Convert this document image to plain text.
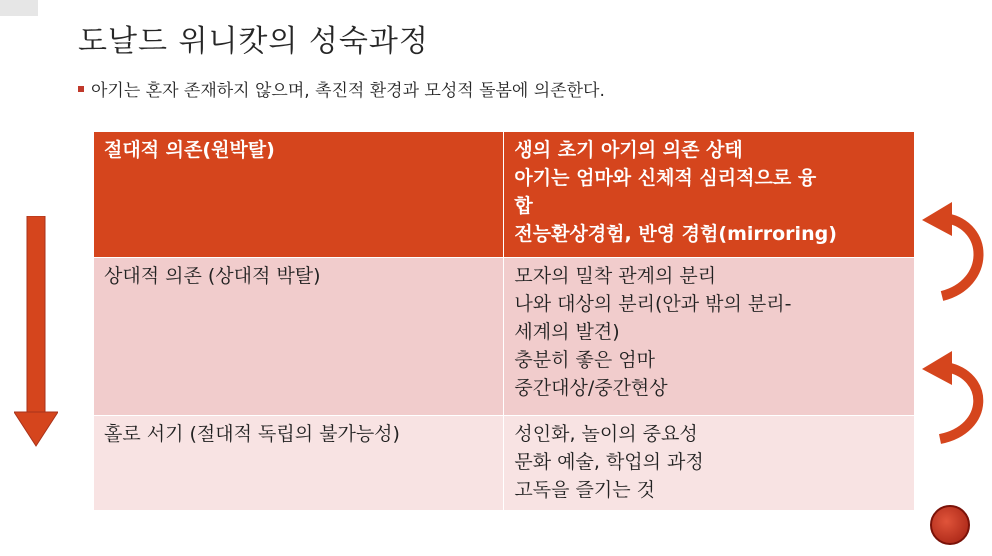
도날드 위니캇의 성숙과정
아기는 혼자 존재하지 않으며, 촉진적 환경과 모성적 돌봄에 의존한다.
절대적 의존(원박탈)	생의 초기 아기의 의존 상태
아기는 엄마와 신체적 심리적으로 융
합
전능환상경험, 반영 경험(mirroring)

상대적 의존 (상대적 박탈)	모자의 밀착 관계의 분리
나와 대상의 분리(안과 밖의 분리-
세계의 발견)
충분히 좋은 엄마
중간대상/중간현상

홀로 서기 (절대적 독립의 불가능성)	성인화, 놀이의 중요성
문화 예술, 학업의 과정
고독을 즐기는 것
